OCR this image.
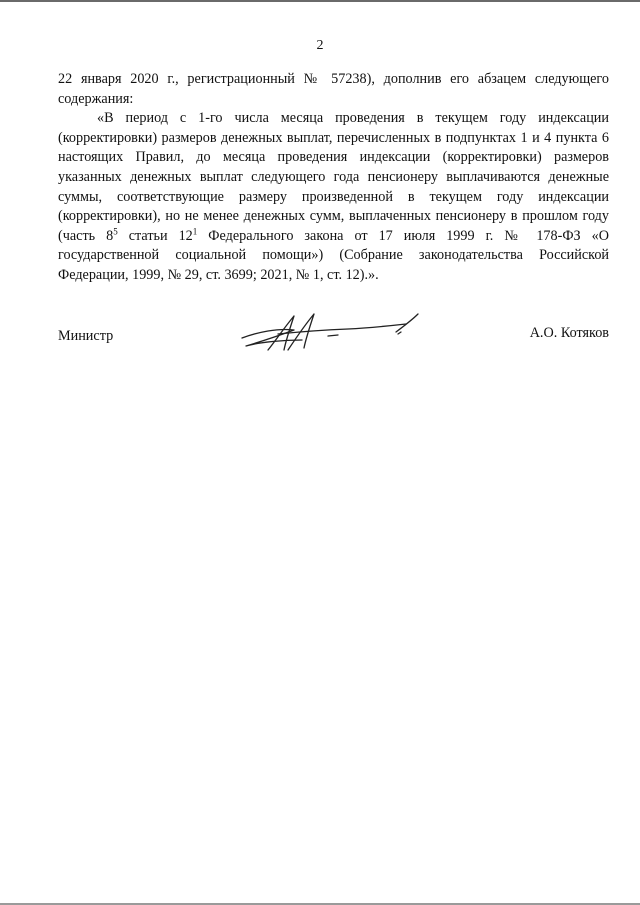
2

22 января 2020 г., регистрационный № 57238), дополнив его абзацем следующего содержания:

«В период с 1-го числа месяца проведения в текущем году индексации (корректировки) размеров денежных выплат, перечисленных в подпунктах 1 и 4 пункта 6 настоящих Правил, до месяца проведения индексации (корректировки) размеров указанных денежных выплат следующего года пенсионеру выплачиваются денежные суммы, соответствующие размеру произведенной в текущем году индексации (корректировки), но не менее денежных сумм, выплаченных пенсионеру в прошлом году (часть $8^5$ статьи $12^1$ Федерального закона от 17 июля 1999 г. № 178-ФЗ «О государственной социальной помощи») (Собрание законодательства Российской Федерации, 1999, № 29, ст. 3699; 2021, № 1, ст. 12).».

Министр	А.О. Котяков
